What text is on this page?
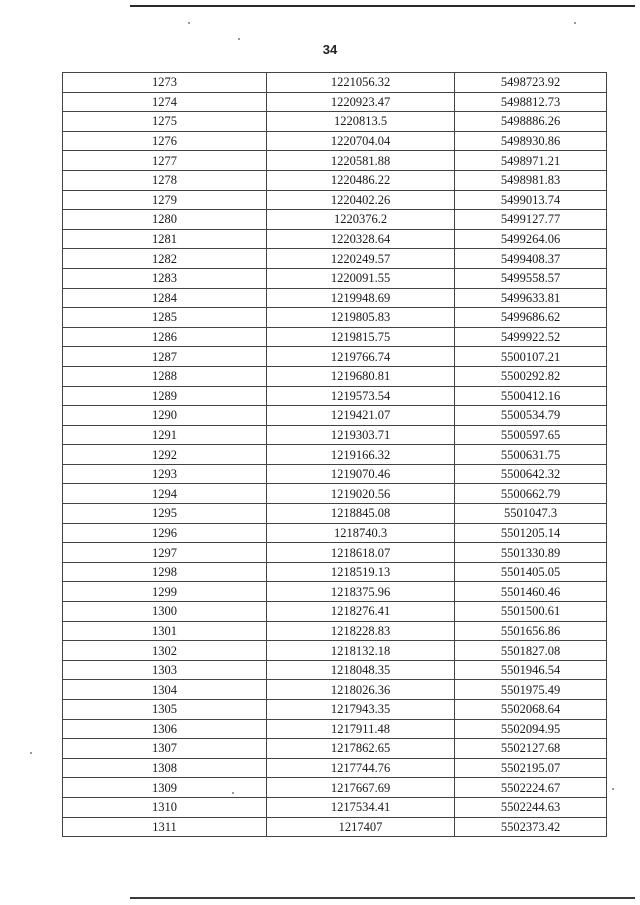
34
1273	1221056.32	5498723.92
1274	1220923.47	5498812.73
1275	1220813.5	5498886.26
1276	1220704.04	5498930.86
1277	1220581.88	5498971.21
1278	1220486.22	5498981.83
1279	1220402.26	5499013.74
1280	1220376.2	5499127.77
1281	1220328.64	5499264.06
1282	1220249.57	5499408.37
1283	1220091.55	5499558.57
1284	1219948.69	5499633.81
1285	1219805.83	5499686.62
1286	1219815.75	5499922.52
1287	1219766.74	5500107.21
1288	1219680.81	5500292.82
1289	1219573.54	5500412.16
1290	1219421.07	5500534.79
1291	1219303.71	5500597.65
1292	1219166.32	5500631.75
1293	1219070.46	5500642.32
1294	1219020.56	5500662.79
1295	1218845.08	5501047.3
1296	1218740.3	5501205.14
1297	1218618.07	5501330.89
1298	1218519.13	5501405.05
1299	1218375.96	5501460.46
1300	1218276.41	5501500.61
1301	1218228.83	5501656.86
1302	1218132.18	5501827.08
1303	1218048.35	5501946.54
1304	1218026.36	5501975.49
1305	1217943.35	5502068.64
1306	1217911.48	5502094.95
1307	1217862.65	5502127.68
1308	1217744.76	5502195.07
1309	1217667.69	5502224.67
1310	1217534.41	5502244.63
1311	1217407	5502373.42
